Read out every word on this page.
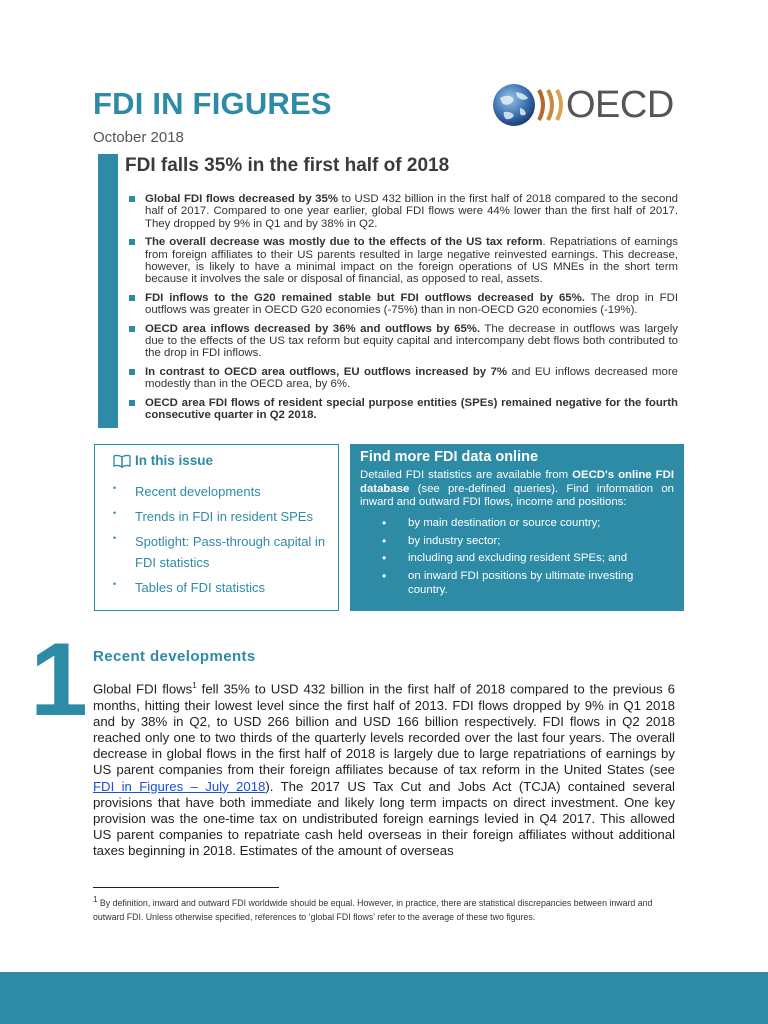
FDI IN FIGURES
October 2018
OECD
FDI falls 35% in the first half of 2018
Global FDI flows decreased by 35% to USD 432 billion in the first half of 2018 compared to the second half of 2017. Compared to one year earlier, global FDI flows were 44% lower than the first half of 2017. They dropped by 9% in Q1 and by 38% in Q2.
The overall decrease was mostly due to the effects of the US tax reform. Repatriations of earnings from foreign affiliates to their US parents resulted in large negative reinvested earnings. This decrease, however, is likely to have a minimal impact on the foreign operations of US MNEs in the short term because it involves the sale or disposal of financial, as opposed to real, assets.
FDI inflows to the G20 remained stable but FDI outflows decreased by 65%. The drop in FDI outflows was greater in OECD G20 economies (-75%) than in non-OECD G20 economies (-19%).
OECD area inflows decreased by 36% and outflows by 65%. The decrease in outflows was largely due to the effects of the US tax reform but equity capital and intercompany debt flows both contributed to the drop in FDI inflows.
In contrast to OECD area outflows, EU outflows increased by 7% and EU inflows decreased more modestly than in the OECD area, by 6%.
OECD area FDI flows of resident special purpose entities (SPEs) remained negative for the fourth consecutive quarter in Q2 2018.
In this issue
• Recent developments
• Trends in FDI in resident SPEs
• Spotlight: Pass-through capital in FDI statistics
• Tables of FDI statistics
Find more FDI data online
Detailed FDI statistics are available from OECD's online FDI database (see pre-defined queries). Find information on inward and outward FDI flows, income and positions:
• by main destination or source country;
• by industry sector;
• including and excluding resident SPEs; and
• on inward FDI positions by ultimate investing country.
1 Recent developments

Global FDI flows$^1$ fell 35% to USD 432 billion in the first half of 2018 compared to the previous 6 months, hitting their lowest level since the first half of 2013. FDI flows dropped by 9% in Q1 2018 and by 38% in Q2, to USD 266 billion and USD 166 billion respectively. FDI flows in Q2 2018 reached only one to two thirds of the quarterly levels recorded over the last four years. The overall decrease in global flows in the first half of 2018 is largely due to large repatriations of earnings by US parent companies from their foreign affiliates because of tax reform in the United States (see FDI in Figures – July 2018). The 2017 US Tax Cut and Jobs Act (TCJA) contained several provisions that have both immediate and likely long term impacts on direct investment. One key provision was the one-time tax on undistributed foreign earnings levied in Q4 2017. This allowed US parent companies to repatriate cash held overseas in their foreign affiliates without additional taxes beginning in 2018. Estimates of the amount of overseas

$^1$ By definition, inward and outward FDI worldwide should be equal. However, in practice, there are statistical discrepancies between inward and outward FDI. Unless otherwise specified, references to ‘global FDI flows’ refer to the average of these two figures.
